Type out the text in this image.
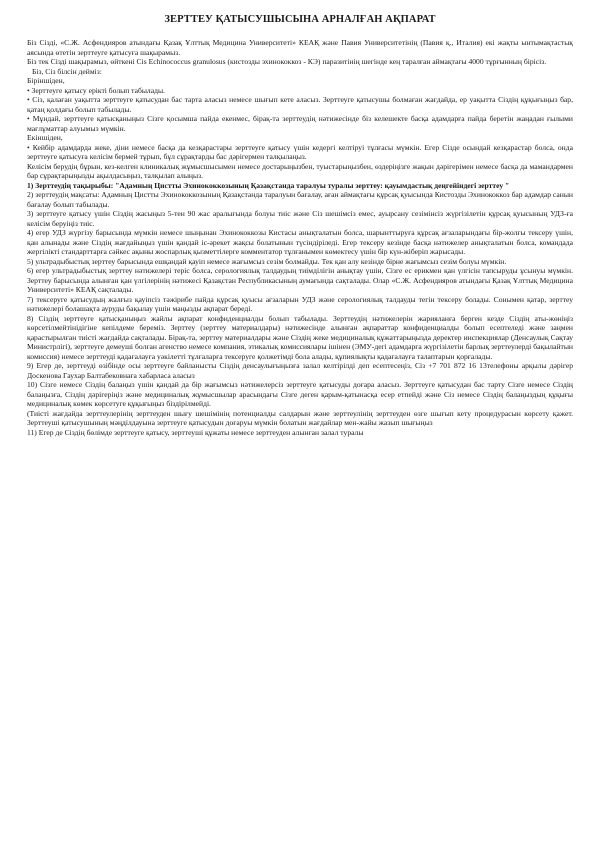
ЗЕРТТЕУ ҚАТЫСУШЫСЫНА АРНАЛҒАН АҚПАРАТ

Біз Сізді, «С.Ж. Асфендияров атындағы Қазақ Ұлттық Медицина Университеті» КЕАҚ және Павия Университетінің (Павия қ., Италия) екі жақты ынтымақтастық аясында өтетін зерттеуге қатысуға шақырамыз.

Біз тек Сізді шақырамыз, өйткені Cis Echinococcus granulosus (кистозды эхинококкоз - КЭ) паразитінің шегінде кең таралған аймақтағы 4000 тұрғынның бірісіз.

Біз, Сіз білсін дейміз:

Біріншіден,

• Зерттеуге қатысу ерікті болып табылады.

• Сіз, қалаған уақытта зерттеуге қатысудан бас тарта аласыз немесе шығып кете аласыз. Зерттеуге қатысушы болмаған жағдайда, ер уақытта Сіздің құқығыңыз бар, қатаң қолдағы болып табылады.

• Мұндай, зерттеуге қатысқаныңыз Сізге қосымша пайда екенмес, бірақ-та зерттеудің нәтижесінде біз келешекте басқа адамдарға пайда беретін жаңадан ғылыми мағлұматтар алуымыз мүмкін.

Екіншіден,

• Кейбір адамдарда жеке, діни немесе басқа да кезқарастары зерттеуге қатысу үшін кедергі келтіруі тұлғасы мүмкін. Егер Сізде осындай кезқарастар болса, онда зерттеуге қатысуға келісім бермей тұрып, бұл сұрақтарды бас дәрігермен талқылаңыз.

Келісім берудің бұрын, кез-келген клиникалық жұмысшысымен немесе достарыңызбен, туыстарыңызбен, өздеріңізге жақын дәрігерімен немесе басқа да мамандармен бар сұрақтарыңызды ақылдасыңыз, талқылап алыңыз.

1) Зерттеудің тақырыбы: "Адамның Цистты Эхинококкозының Қазақстанда таралуы туралы зерттеу: қауымдастық деңгейіндегі зерттеу "

2) зерттеудің мақсаты: Адамның Цистты Эхинококкозының Қазақстанда таралуын бағалау, аған аймақтағы құрсақ қуысында Кистозды Эхинококкоз бар адамдар санын бағалау болып табылады.

3) зерттеуге қатысу үшін Сіздің жасыңыз 5-тен 90 жас аралығында болуы тиіс және Сіз шешімсіз емес, ауырсану сезімінсіз жүргізілетін құрсақ қуысының УДЗ-ға келісім беруіңіз тиіс.

4) егер УДЗ жүргізу барысында мүмкін немесе шыңынан Эхинококкозы Кистасы анықталатын болса, шарынттыруға құрсақ ағзаларындағы бір-жолғы тексеру үшін, қан алынады және Сіздің жағдайыңыз үшін қандай іс-әрекет жақсы болатынын түсіндіріледі. Егер тексеру кезінде басқа нәтижелер анықталатын болса, командада жергілікті стандарттарға сәйкес ақыны жоспарлық қызметтілерге комментатор тұлғанымен көмектесу үшін бір күн-жіберіп жарысады.

5) ультрадыбыстық зерттеу барысында ешқандай қауіп немесе жағымсыз сезім болмайды. Тек қан алу кезінде бірне жағымсыз сезім болуы мүмкін.

6) егер ультрадыбыстық зерттеу нәтижелері теріс болса, серологиялық талдаудың тиімділігін анықтау үшін, Сізге ес ерикмен қан үлгісін тапсыруды ұсынуы мүмкін. Зерттеу барысында алынған қан үлгілерінің нәтижесі Қазақстан Республикасының аумағында сақталады. Олар «С.Ж. Асфендияров атындағы Қазақ Ұлттық Медицина Университеті» КЕАҚ сақталады.

7) тексеруге қатысудың жалғыз қауіпсіз тәжірибе пайда құрсақ қуысы ағзаларын УДЗ және серологиялық талдауды тегін тексеру болады. Сонымен қатар, зерттеу нәтижелері болашақта ауруды бақылау үшін маңызды ақпарат береді.

8) Сіздің зерттеуге қатысқаныңыз жайлы ақпарат конфиденциалды болып табылады. Зерттеудің нәтижелерін жарияланға берген кезде Сіздің аты-жөніңіз көрсетілмейтінідігіне кепілдеме береміз. Зерттеу (зерттеу материалдары) нәтижесінде алынған ақпараттар конфиденциалды болып есептеледі және заңмен қарастырылған тиісті жағдайда сақталады. Бірақ-та, зерттеу материалдары және Сіздің жеке медициналық құжаттарыңызда деректер инспекциялар (Денсаулық Сақтау Министрлігі), зерттеуге демеуші болған агенство немесе компания, этикалық комиссиялары ішінен (ЭМУ-дегі адамдарға жүргізілетін барлық зерттеулерді бақылайтын комиссия) немесе зерттеуді қадағалауға уәкілетті тұлғаларға тексеруге қолжетімді бола алады, құпиялықты қадағалауға талаптарын қорғалады.

9) Егер де, зерттеуді өзібінде осы зерттеуге байланысты Сіздің денсаулығыңызға залал келтірілді деп есептесеңіз, Сіз +7 701 872 16 13телефоны арқылы дәрігер Доскенова Гаухар Балтабековнаға хабарласа аласыз

10) Сізге немесе Сіздің балаңыз үшін қандай да бір жағымсыз нәтижелерсіз зерттеуге қатысуды доғара аласыз. Зерттеуге қатысудан бас тарту Сізге немесе Сіздің балаңызға, Сіздің дәрігеріңіз және медициналық жұмысшылар арасындағы Сізге деген қарым-қатынасқа есер етпейді және Сіз немесе Сіздің балаңыздың құқығы медициналық көмек көрсетуге құқығыңыз біздірілмейді.

(Тиісті жағдайда зерттеулерінің зерттеуден шығу шешімінің потенциалды салдарын және зерттеулінің зерттеуден өзге шығып кету процедурасын көрсету қажет. Зерттеуші қатысушының мәңділдауына зерттеуге қатысудын доғаруы мүмкін болатын жағдайлар мен-жайы жазып шығыңыз

11) Егер де Сіздің бөлімде зерттеуге қатысу, зерттеуші құжаты немесе зерттеуден алынған залал туралы
